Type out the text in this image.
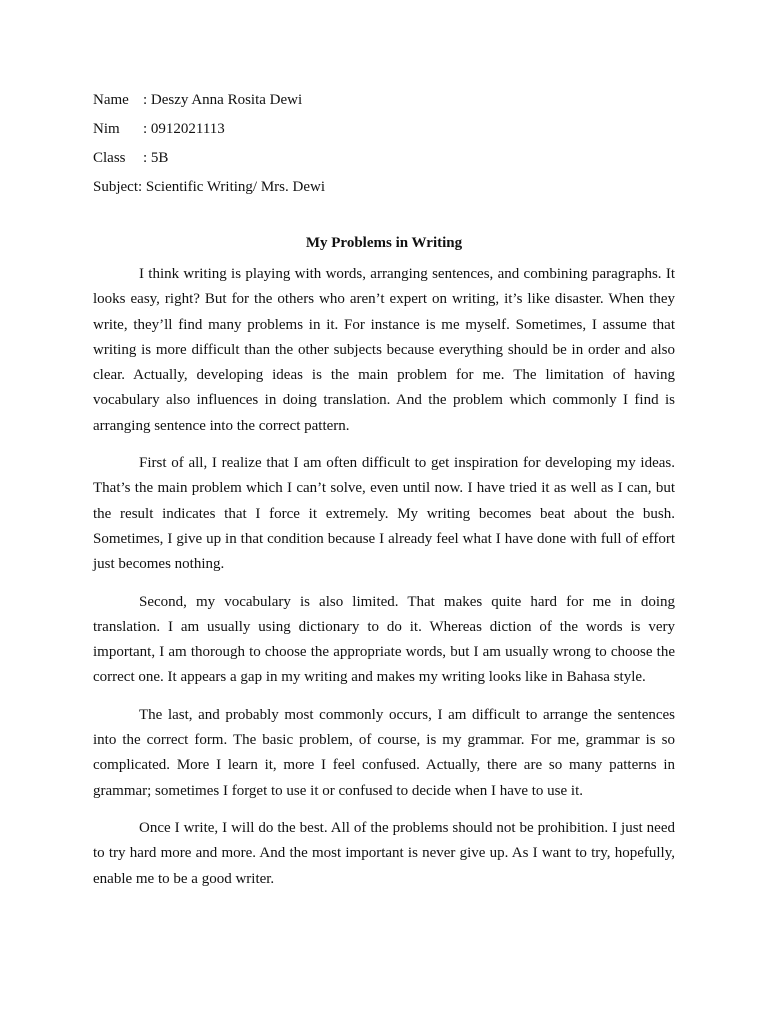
Name : Deszy Anna Rosita Dewi
Nim	: 0912021113
Class	: 5B
Subject : Scientific Writing/ Mrs. Dewi
My Problems in Writing

I think writing is playing with words, arranging sentences, and combining paragraphs. It looks easy, right? But for the others who aren’t expert on writing, it’s like disaster. When they write, they’ll find many problems in it. For instance is me myself. Sometimes, I assume that writing is more difficult than the other subjects because everything should be in order and also clear. Actually, developing ideas is the main problem for me. The limitation of having vocabulary also influences in doing translation. And the problem which commonly I find is arranging sentence into the correct pattern.

First of all, I realize that I am often difficult to get inspiration for developing my ideas. That’s the main problem which I can’t solve, even until now. I have tried it as well as I can, but the result indicates that I force it extremely. My writing becomes beat about the bush. Sometimes, I give up in that condition because I already feel what I have done with full of effort just becomes nothing.

Second, my vocabulary is also limited. That makes quite hard for me in doing translation. I am usually using dictionary to do it. Whereas diction of the words is very important, I am thorough to choose the appropriate words, but I am usually wrong to choose the correct one. It appears a gap in my writing and makes my writing looks like in Bahasa style.

The last, and probably most commonly occurs, I am difficult to arrange the sentences into the correct form. The basic problem, of course, is my grammar. For me, grammar is so complicated. More I learn it, more I feel confused. Actually, there are so many patterns in grammar; sometimes I forget to use it or confused to decide when I have to use it.

Once I write, I will do the best. All of the problems should not be prohibition. I just need to try hard more and more. And the most important is never give up. As I want to try, hopefully, enable me to be a good writer.
